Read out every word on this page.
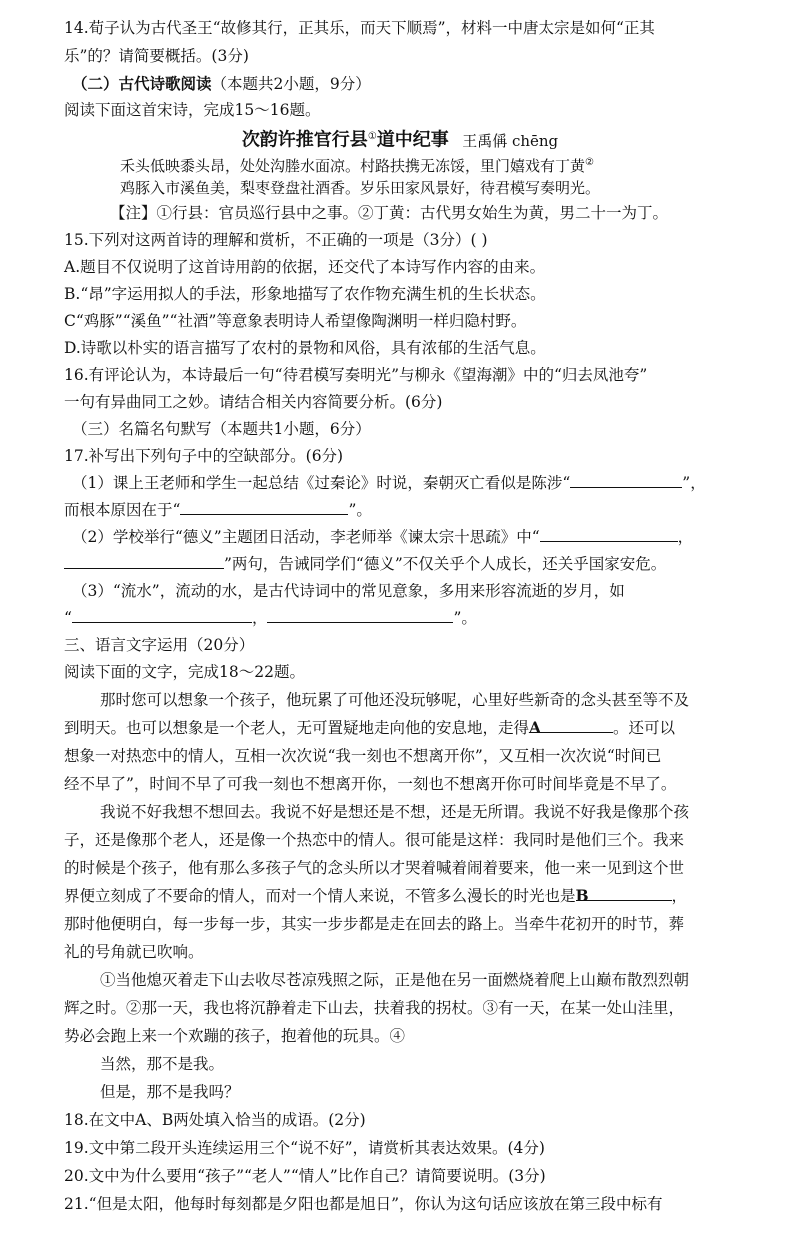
14.荀子认为古代圣王“故修其行，正其乐，而天下顺焉”，材料一中唐太宗是如何“正其
乐”的？请简要概括。(3分)
（二）古代诗歌阅读（本题共2小题，9分）
阅读下面这首宋诗，完成15～16题。
次韵许推官行县①道中纪事 王禹偁 chēng
禾头低映黍头昂，处处沟塍水面凉。村路扶携无冻馁，里门嬉戏有丁黄②
鸡豚入市溪鱼美，梨枣登盘社酒香。岁乐田家风景好，待君模写奏明光。
【注】①行县：官员巡行县中之事。②丁黄：古代男女始生为黄，男二十一为丁。
15.下列对这两首诗的理解和赏析，不正确的一项是（3分）( )
A.题目不仅说明了这首诗用韵的依据，还交代了本诗写作内容的由来。
B.“昂”字运用拟人的手法，形象地描写了农作物充满生机的生长状态。
C“鸡豚”“溪鱼”“社酒”等意象表明诗人希望像陶渊明一样归隐村野。
D.诗歌以朴实的语言描写了农村的景物和风俗，具有浓郁的生活气息。
16.有评论认为，本诗最后一句“待君模写奏明光”与柳永《望海潮》中的“归去凤池夸”
一句有异曲同工之妙。请结合相关内容简要分析。(6分)
（三）名篇名句默写（本题共1小题，6分）
17.补写出下列句子中的空缺部分。(6分)
（1）课上王老师和学生一起总结《过秦论》时说，秦朝灭亡看似是陈涉“	”，
而根本原因在于“	”。
（2）学校举行“德义”主题团日活动，李老师举《谏太宗十思疏》中“	，
”两句，告诫同学们“德义”不仅关乎个人成长，还关乎国家安危。
（3）“流水”，流动的水，是古代诗词中的常见意象，多用来形容流逝的岁月，如
“	，	”。
三、语言文字运用（20分）
阅读下面的文字，完成18～22题。
那时您可以想象一个孩子，他玩累了可他还没玩够呢，心里好些新奇的念头甚至等不及
到明天。也可以想象是一个老人，无可置疑地走向他的安息地，走得A	。还可以
想象一对热恋中的情人，互相一次次说“我一刻也不想离开你”，又互相一次次说“时间已
经不早了”，时间不早了可我一刻也不想离开你，一刻也不想离开你可时间毕竟是不早了。
我说不好我想不想回去。我说不好是想还是不想，还是无所谓。我说不好我是像那个孩
子，还是像那个老人，还是像一个热恋中的情人。很可能是这样：我同时是他们三个。我来
的时候是个孩子，他有那么多孩子气的念头所以才哭着喊着闹着要来，他一来一见到这个世
界便立刻成了不要命的情人，而对一个情人来说，不管多么漫长的时光也是B	，
那时他便明白，每一步每一步，其实一步步都是走在回去的路上。当牵牛花初开的时节，葬
礼的号角就已吹响。
①当他熄灭着走下山去收尽苍凉残照之际，正是他在另一面燃烧着爬上山巅布散烈烈朝
辉之时。②那一天，我也将沉静着走下山去，扶着我的拐杖。③有一天，在某一处山洼里，
势必会跑上来一个欢蹦的孩子，抱着他的玩具。④
当然，那不是我。
但是，那不是我吗？
18.在文中A、B两处填入恰当的成语。(2分)
19.文中第二段开头连续运用三个“说不好”，请赏析其表达效果。(4分)
20.文中为什么要用“孩子”“老人”“情人”比作自己？请简要说明。(3分)
21.“但是太阳，他每时每刻都是夕阳也都是旭日”，你认为这句话应该放在第三段中标有
